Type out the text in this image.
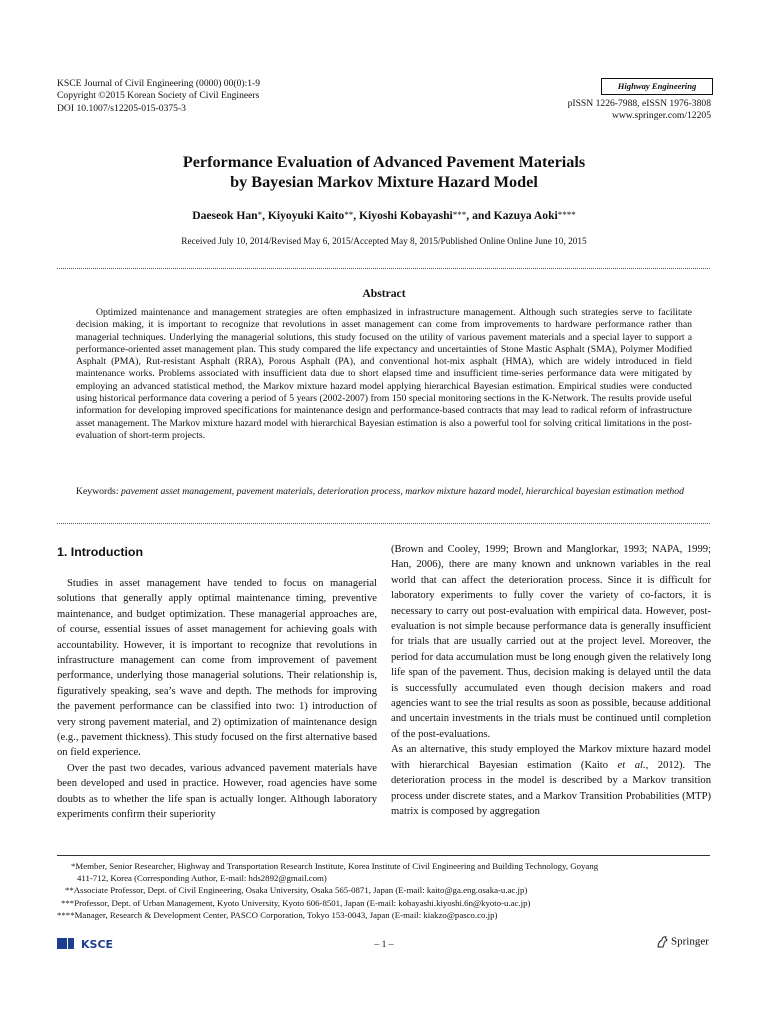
KSCE Journal of Civil Engineering (0000) 00(0):1-9
Copyright ©2015 Korean Society of Civil Engineers
DOI 10.1007/s12205-015-0375-3
Highway Engineering
pISSN 1226-7988, eISSN 1976-3808
www.springer.com/12205
Performance Evaluation of Advanced Pavement Materials
by Bayesian Markov Mixture Hazard Model
Daeseok Han*, Kiyoyuki Kaito**, Kiyoshi Kobayashi***, and Kazuya Aoki****
Received July 10, 2014/Revised May 6, 2015/Accepted May 8, 2015/Published Online Online June 10, 2015
Abstract
Optimized maintenance and management strategies are often emphasized in infrastructure management. Although such strategies serve to facilitate decision making, it is important to recognize that revolutions in asset management can come from improvements to hardware performance rather than managerial techniques. Underlying the managerial solutions, this study focused on the utility of various pavement materials and a special layer to support a performance-oriented asset management plan. This study compared the life expectancy and uncertainties of Stone Mastic Asphalt (SMA), Polymer Modified Asphalt (PMA), Rut-resistant Asphalt (RRA), Porous Asphalt (PA), and conventional hot-mix asphalt (HMA), which are widely introduced in field maintenance works. Problems associated with insufficient data due to short elapsed time and insufficient time-series performance data were mitigated by employing an advanced statistical method, the Markov mixture hazard model applying hierarchical Bayesian estimation. Empirical studies were conducted using historical performance data covering a period of 5 years (2002-2007) from 150 special monitoring sections in the K-Network. The results provide useful information for developing improved specifications for maintenance design and performance-based contracts that may lead to radical reform of infrastructure asset management. The Markov mixture hazard model with hierarchical Bayesian estimation is also a powerful tool for solving critical limitations in the post-evaluation of short-term projects.
Keywords: pavement asset management, pavement materials, deterioration process, markov mixture hazard model, hierarchical bayesian estimation method
1. Introduction

Studies in asset management have tended to focus on managerial solutions that generally apply optimal maintenance timing, preventive maintenance, and budget optimization. These managerial approaches are, of course, essential issues of asset management for achieving goals with accountability. However, it is important to recognize that revolutions in infrastructure management can come from improvement of pavement performance, underlying those managerial solutions. Their relationship is, figuratively speaking, sea’s wave and depth. The methods for improving the pavement performance can be classified into two: 1) introduction of very strong pavement material, and 2) optimization of maintenance design (e.g., pavement thickness). This study focused on the first alternative based on field experience.

Over the past two decades, various advanced pavement materials have been developed and used in practice. However, road agencies have some doubts as to whether the life span is actually longer. Although laboratory experiments confirm their superiority

(Brown and Cooley, 1999; Brown and Manglorkar, 1993; NAPA, 1999; Han, 2006), there are many known and unknown variables in the real world that can affect the deterioration process. Since it is difficult for laboratory experiments to fully cover the variety of co-factors, it is necessary to carry out post-evaluation with empirical data. However, post-evaluation is not simple because performance data is generally insufficient for trials that are usually carried out at the project level. Moreover, the period for data accumulation must be long enough given the relatively long life span of the pavement. Thus, decision making is delayed until the data is successfully accumulated even though decision makers and road agencies want to see the trial results as soon as possible, because additional and uncertain investments in the trials must be continued until completion of the post-evaluations.

As an alternative, this study employed the Markov mixture hazard model with hierarchical Bayesian estimation (Kaito et al., 2012). The deterioration process in the model is described by a Markov transition process under discrete states, and a Markov Transition Probabilities (MTP) matrix is composed by aggregation

*Member, Senior Researcher, Highway and Transportation Research Institute, Korea Institute of Civil Engineering and Building Technology, Goyang
411-712, Korea (Corresponding Author, E-mail: hds2892@gmail.com)
**Associate Professor, Dept. of Civil Engineering, Osaka University, Osaka 565-0871, Japan (E-mail: kaito@ga.eng.osaka-u.ac.jp)
***Professor, Dept. of Urban Management, Kyoto University, Kyoto 606-8501, Japan (E-mail: kobayashi.kiyoshi.6n@kyoto-u.ac.jp)
****Manager, Research & Development Center, PASCO Corporation, Tokyo 153-0043, Japan (E-mail: kiakzo@pasco.co.jp)
KSCE	– 1 –	Springer
